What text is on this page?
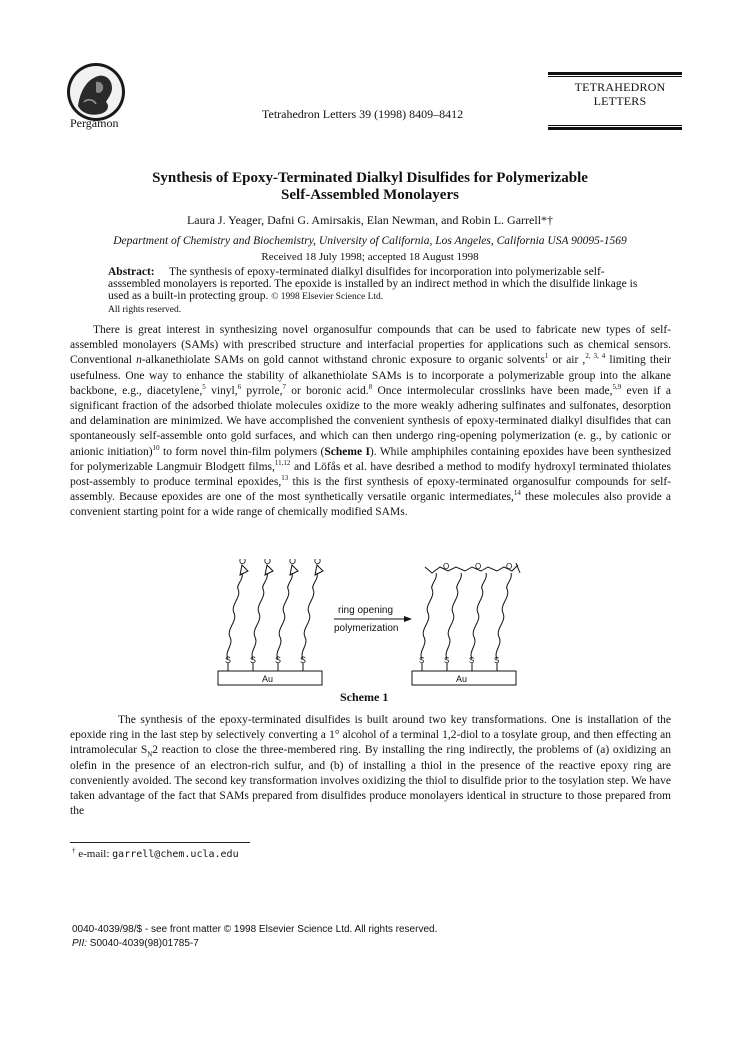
Pergamon
Tetrahedron Letters 39 (1998) 8409–8412
TETRAHEDRON
LETTERS
Synthesis of Epoxy-Terminated Dialkyl Disulfides for Polymerizable
Self-Assembled Monolayers
Laura J. Yeager, Dafni G. Amirsakis, Elan Newman, and Robin L. Garrell*†
Department of Chemistry and Biochemistry, University of California, Los Angeles, California USA 90095-1569
Received 18 July 1998; accepted 18 August 1998
Abstract: The synthesis of epoxy-terminated dialkyl disulfides for incorporation into polymerizable self-asssembled monolayers is reported. The epoxide is installed by an indirect method in which the disulfide linkage is used as a built-in protecting group. © 1998 Elsevier Science Ltd.
All rights reserved.

There is great interest in synthesizing novel organosulfur compounds that can be used to fabricate new types of self-assembled monolayers (SAMs) with prescribed structure and interfacial properties for applications such as chemical sensors. Conventional n-alkanethiolate SAMs on gold cannot withstand chronic exposure to organic solvents$^1$ or air ,$^{2, 3, 4}$ limiting their usefulness. One way to enhance the stability of alkanethiolate SAMs is to incorporate a polymerizable group into the alkane backbone, e.g., diacetylene,$^5$ vinyl,$^6$ pyrrole,$^7$ or boronic acid.$^8$ Once intermolecular crosslinks have been made,$^{5,9}$ even if a significant fraction of the adsorbed thiolate molecules oxidize to the more weakly adhering sulfinates and sulfonates, desorption and delamination are minimized. We have accomplished the convenient synthesis of epoxy-terminated dialkyl disulfides that can spontaneously self-assemble onto gold surfaces, and which can then undergo ring-opening polymerization (e. g., by cationic or anionic initiation)$^{10}$ to form novel thin-film polymers (Scheme I). While amphiphiles containing epoxides have been synthesized for polymerizable Langmuir Blodgett films,$^{11,12}$ and Löfås et al. have desribed a method to modify hydroxyl terminated thiolates post-assembly to produce terminal epoxides,$^{13}$ this is the first synthesis of epoxy-terminated organosulfur compounds for self-assembly. Because epoxides are one of the most synthetically versatile organic intermediates,$^{14}$ these molecules also provide a convenient starting point for a wide range of chemically modified SAMs.

O O O O
S S S S
Au
ring opening
polymerization
O	O	O
S S S S
Au
Scheme 1

The synthesis of the epoxy-terminated disulfides is built around two key transformations. One is installation of the epoxide ring in the last step by selectively converting a 1° alcohol of a terminal 1,2-diol to a tosylate group, and then effecting an intramolecular $S_N2$ reaction to close the three-membered ring. By installing the ring indirectly, the problems of (a) oxidizing an olefin in the presence of an electron-rich sulfur, and (b) of installing a thiol in the presence of the reactive epoxy ring are conveniently avoided. The second key transformation involves oxidizing the thiol to disulfide prior to the tosylation step. We have taken advantage of the fact that SAMs prepared from disulfides produce monolayers identical in structure to those prepared from the

† e-mail: garrell@chem.ucla.edu
0040-4039/98/$ - see front matter © 1998 Elsevier Science Ltd. All rights reserved.
PII: S0040-4039(98)01785-7
